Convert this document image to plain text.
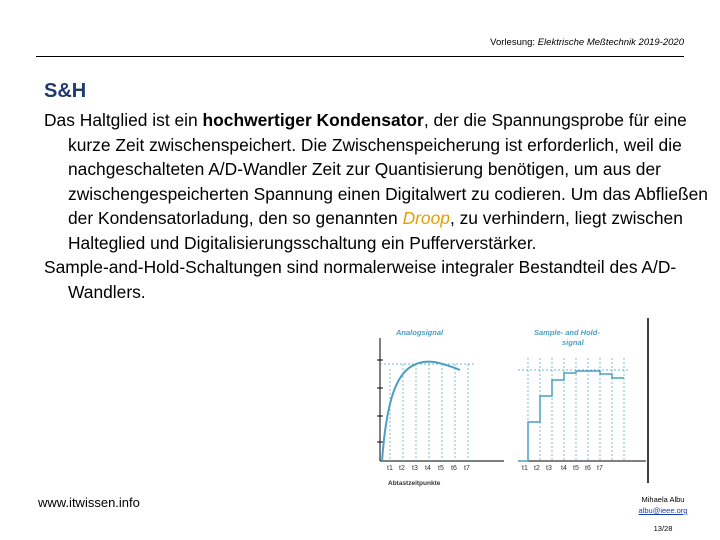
Vorlesung: Elektrische Meßtechnik 2019-2020
S&H

Das Haltglied ist ein hochwertiger Kondensator, der die Spannungsprobe für eine kurze Zeit zwischenspeichert. Die Zwischenspeicherung ist erforderlich, weil die nachgeschalteten A/D-Wandler Zeit zur Quantisierung benötigen, um aus der zwischengespeicherten Spannung einen Digitalwert zu codieren. Um das Abfließen der Kondensatorladung, den so genannten Droop, zu verhindern, liegt zwischen Halteglied und Digitalisierungsschaltung ein Pufferverstärker.

Sample-and-Hold-Schaltungen sind normalerweise integraler Bestandteil des A/D-Wandlers.

Analogsignal
t1 t2 t3 t4 t5 t6 t7
Abtastzeitpunkte
Sample- and Hold-
signal
t1 t2 t3 t4 t5 t6 t7
www.itwissen.info	Mihaela Albu
albu@ieee.org
13/28
